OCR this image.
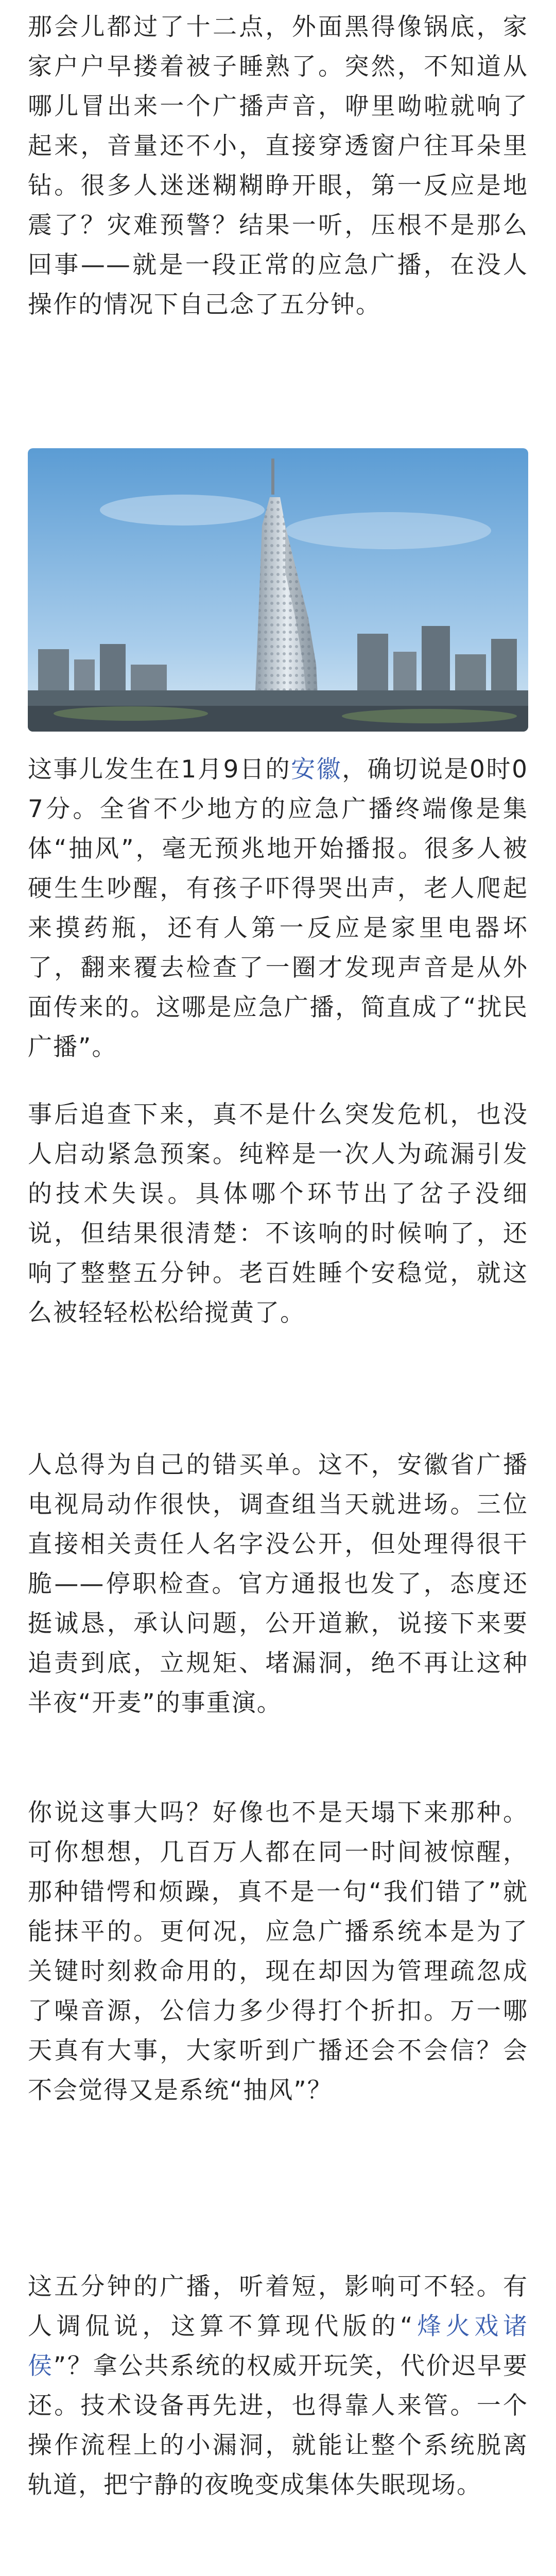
那会儿都过了十二点，外面黑得像锅底，家家户户早搂着被子睡熟了。突然，不知道从哪儿冒出来一个广播声音，咿里呦啦就响了起来，音量还不小，直接穿透窗户往耳朵里钻。很多人迷迷糊糊睁开眼，第一反应是地震了？灾难预警？结果一听，压根不是那么回事——就是一段正常的应急广播，在没人操作的情况下自己念了五分钟。

这事儿发生在1月9日的安徽，确切说是0时07分。全省不少地方的应急广播终端像是集体“抽风”，毫无预兆地开始播报。很多人被硬生生吵醒，有孩子吓得哭出声，老人爬起来摸药瓶，还有人第一反应是家里电器坏了，翻来覆去检查了一圈才发现声音是从外面传来的。这哪是应急广播，简直成了“扰民广播”。

事后追查下来，真不是什么突发危机，也没人启动紧急预案。纯粹是一次人为疏漏引发的技术失误。具体哪个环节出了岔子没细说，但结果很清楚：不该响的时候响了，还响了整整五分钟。老百姓睡个安稳觉，就这么被轻轻松松给搅黄了。

人总得为自己的错买单。这不，安徽省广播电视局动作很快，调查组当天就进场。三位直接相关责任人名字没公开，但处理得很干脆——停职检查。官方通报也发了，态度还挺诚恳，承认问题，公开道歉，说接下来要追责到底，立规矩、堵漏洞，绝不再让这种半夜“开麦”的事重演。

你说这事大吗？好像也不是天塌下来那种。可你想想，几百万人都在同一时间被惊醒，那种错愕和烦躁，真不是一句“我们错了”就能抹平的。更何况，应急广播系统本是为了关键时刻救命用的，现在却因为管理疏忽成了噪音源，公信力多少得打个折扣。万一哪天真有大事，大家听到广播还会不会信？会不会觉得又是系统“抽风”？

这五分钟的广播，听着短，影响可不轻。有人调侃说，这算不算现代版的“烽火戏诸侯”？拿公共系统的权威开玩笑，代价迟早要还。技术设备再先进，也得靠人来管。一个操作流程上的小漏洞，就能让整个系统脱离轨道，把宁静的夜晚变成集体失眠现场。
